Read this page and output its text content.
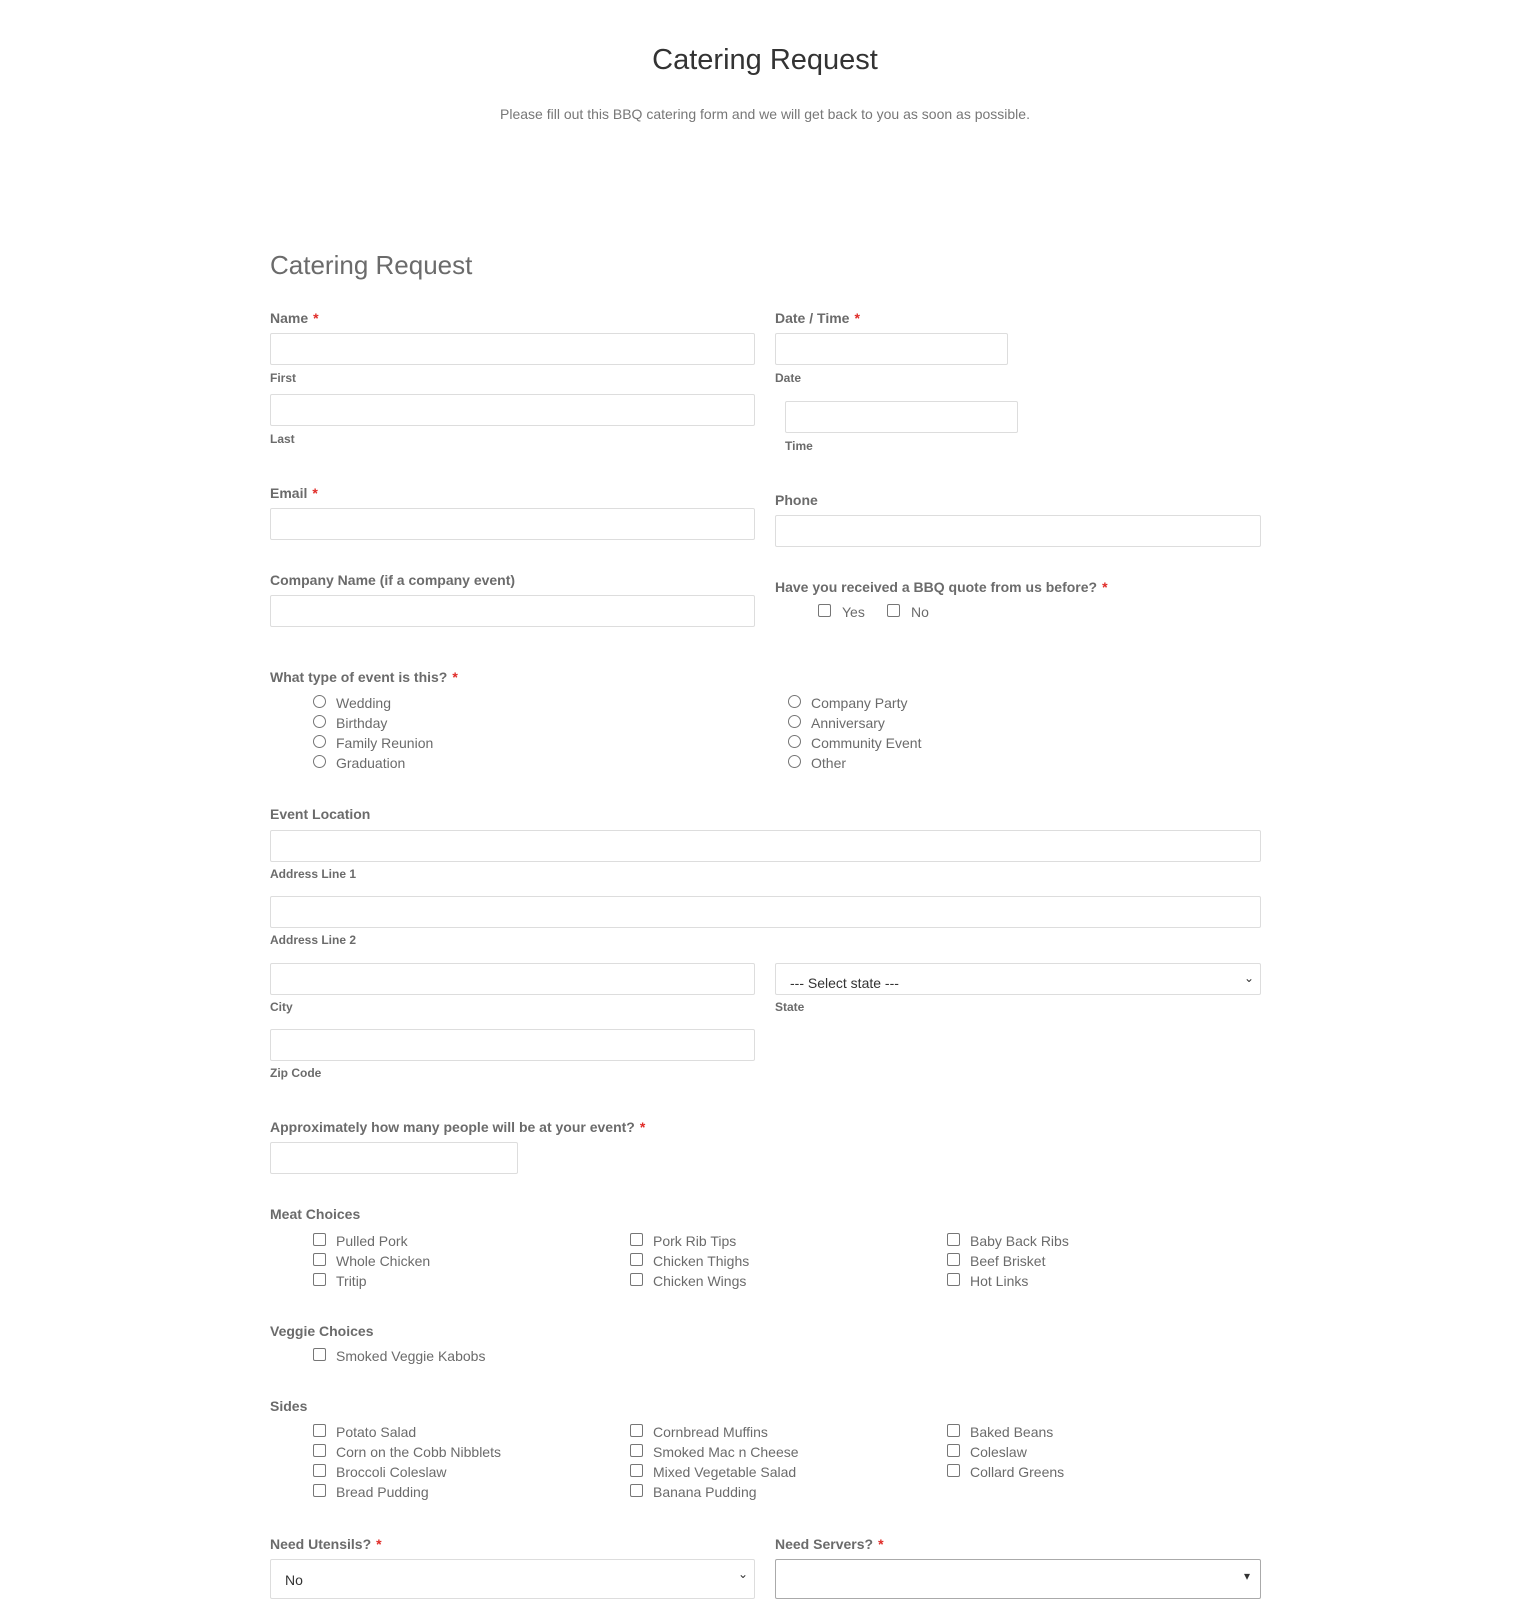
Catering Request
Please fill out this BBQ catering form and we will get back to you as soon as possible.
Catering Request
Name *
First
Last
Date / Time *
Date
Time
Email *	Phone
Company Name (if a company event)	Have you received a BBQ quote from us before? *
Yes	No
What type of event is this? *
Wedding
Birthday
Family Reunion
Graduation
Company Party
Anniversary
Community Event
Other
Event Location
Address Line 1
Address Line 2
City
--- Select state ---	⌄
State
Zip Code
Approximately how many people will be at your event? *
Meat Choices
Pulled Pork
Whole Chicken
Tritip
Pork Rib Tips
Chicken Thighs
Chicken Wings
Baby Back Ribs
Beef Brisket
Hot Links
Veggie Choices
Smoked Veggie Kabobs
Sides
Potato Salad
Corn on the Cobb Nibblets
Broccoli Coleslaw
Bread Pudding
Cornbread Muffins
Smoked Mac n Cheese
Mixed Vegetable Salad
Banana Pudding
Baked Beans
Coleslaw
Collard Greens
Need Utensils? *
No	⌄
Need Servers? *
▾
